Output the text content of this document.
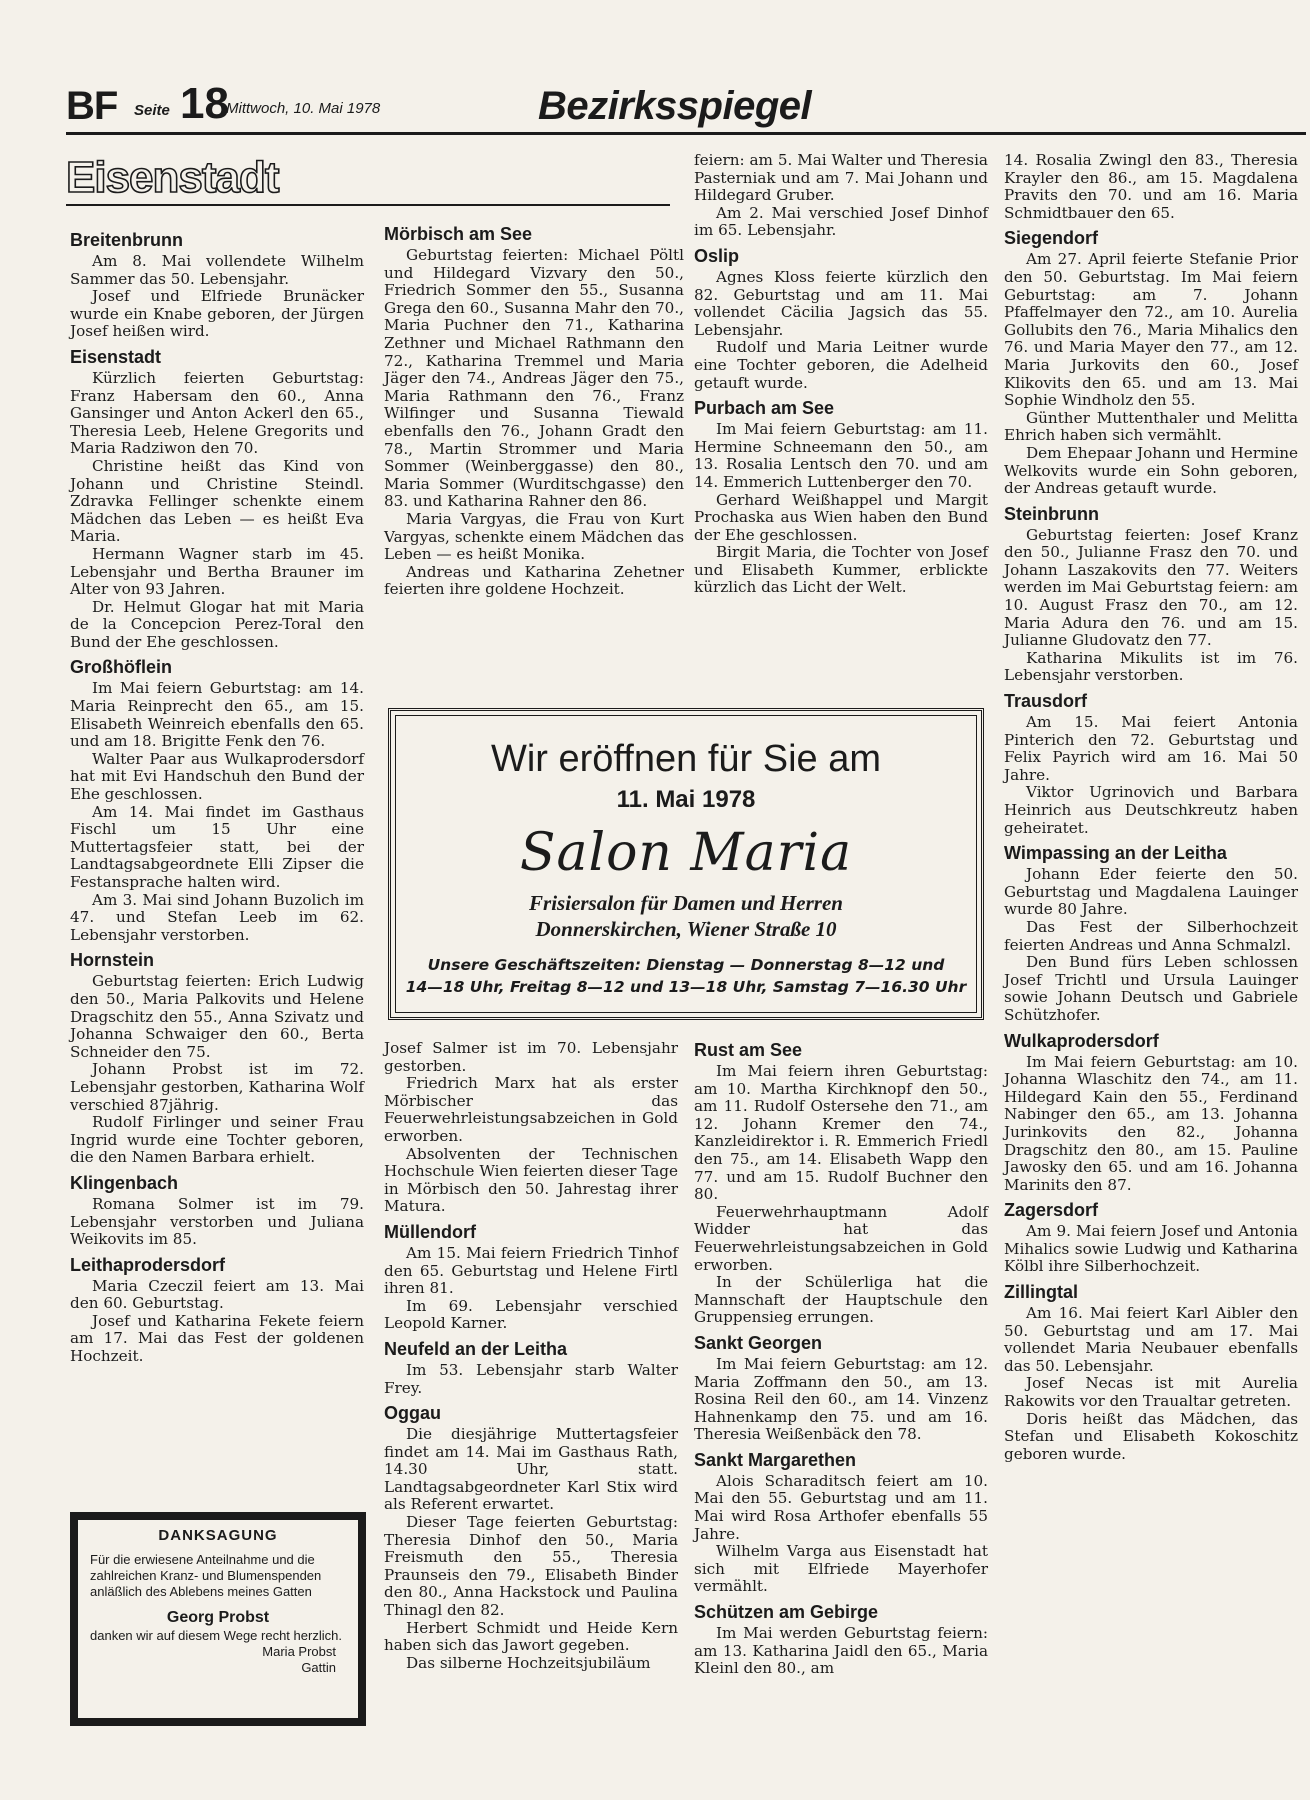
BF Seite 18
Mittwoch, 10. Mai 1978	Bezirksspiegel
Eisenstadt
Breitenbrunn

Am 8. Mai vollendete Wilhelm Sammer das 50. Lebensjahr.

Josef und Elfriede Brunäcker wurde ein Knabe geboren, der Jürgen Josef heißen wird.

Eisenstadt

Kürzlich feierten Geburtstag: Franz Habersam den 60., Anna Gansinger und Anton Ackerl den 65., Theresia Leeb, Helene Gregorits und Maria Radziwon den 70.

Christine heißt das Kind von Johann und Christine Steindl. Zdravka Fellinger schenkte einem Mädchen das Leben — es heißt Eva Maria.

Hermann Wagner starb im 45. Lebensjahr und Bertha Brauner im Alter von 93 Jahren.

Dr. Helmut Glogar hat mit Maria de la Concepcion Perez-Toral den Bund der Ehe geschlossen.

Großhöflein

Im Mai feiern Geburtstag: am 14. Maria Reinprecht den 65., am 15. Elisabeth Weinreich ebenfalls den 65. und am 18. Brigitte Fenk den 76.

Walter Paar aus Wulkaprodersdorf hat mit Evi Handschuh den Bund der Ehe geschlossen.

Am 14. Mai findet im Gasthaus Fischl um 15 Uhr eine Muttertagsfeier statt, bei der Landtagsabgeordnete Elli Zipser die Festansprache halten wird.

Am 3. Mai sind Johann Buzolich im 47. und Stefan Leeb im 62. Lebensjahr verstorben.

Hornstein

Geburtstag feierten: Erich Ludwig den 50., Maria Palkovits und Helene Dragschitz den 55., Anna Szivatz und Johanna Schwaiger den 60., Berta Schneider den 75.

Johann Probst ist im 72. Lebensjahr gestorben, Katharina Wolf verschied 87jährig.

Rudolf Firlinger und seiner Frau Ingrid wurde eine Tochter geboren, die den Namen Barbara erhielt.

Klingenbach

Romana Solmer ist im 79. Lebensjahr verstorben und Juliana Weikovits im 85.

Leithaprodersdorf

Maria Czeczil feiert am 13. Mai den 60. Geburtstag.

Josef und Katharina Fekete feiern am 17. Mai das Fest der goldenen Hochzeit.

Mörbisch am See

Geburtstag feierten: Michael Pöltl und Hildegard Vizvary den 50., Friedrich Sommer den 55., Susanna Grega den 60., Susanna Mahr den 70., Maria Puchner den 71., Katharina Zethner und Michael Rathmann den 72., Katharina Tremmel und Maria Jäger den 74., Andreas Jäger den 75., Maria Rathmann den 76., Franz Wilfinger und Susanna Tiewald ebenfalls den 76., Johann Gradt den 78., Martin Strommer und Maria Sommer (Weinberggasse) den 80., Maria Sommer (Wurditschgasse) den 83. und Katharina Rahner den 86.

Maria Vargyas, die Frau von Kurt Vargyas, schenkte einem Mädchen das Leben — es heißt Monika.

Andreas und Katharina Zehetner feierten ihre goldene Hochzeit.

feiern: am 5. Mai Walter und Theresia Pasterniak und am 7. Mai Johann und Hildegard Gruber.

Am 2. Mai verschied Josef Dinhof im 65. Lebensjahr.

Oslip

Agnes Kloss feierte kürzlich den 82. Geburtstag und am 11. Mai vollendet Cäcilia Jagsich das 55. Lebensjahr.

Rudolf und Maria Leitner wurde eine Tochter geboren, die Adelheid getauft wurde.

Purbach am See

Im Mai feiern Geburtstag: am 11. Hermine Schneemann den 50., am 13. Rosalia Lentsch den 70. und am 14. Emmerich Luttenberger den 70.

Gerhard Weißhappel und Margit Prochaska aus Wien haben den Bund der Ehe geschlossen.

Birgit Maria, die Tochter von Josef und Elisabeth Kummer, erblickte kürzlich das Licht der Welt.

14. Rosalia Zwingl den 83., Theresia Krayler den 86., am 15. Magdalena Pravits den 70. und am 16. Maria Schmidtbauer den 65.

Siegendorf

Am 27. April feierte Stefanie Prior den 50. Geburtstag. Im Mai feiern Geburtstag: am 7. Johann Pfaffelmayer den 72., am 10. Aurelia Gollubits den 76., Maria Mihalics den 76. und Maria Mayer den 77., am 12. Maria Jurkovits den 60., Josef Klikovits den 65. und am 13. Mai Sophie Windholz den 55.

Günther Muttenthaler und Melitta Ehrich haben sich vermählt.

Dem Ehepaar Johann und Hermine Welkovits wurde ein Sohn geboren, der Andreas getauft wurde.

Steinbrunn

Geburtstag feierten: Josef Kranz den 50., Julianne Frasz den 70. und Johann Laszakovits den 77. Weiters werden im Mai Geburtstag feiern: am 10. August Frasz den 70., am 12. Maria Adura den 76. und am 15. Julianne Gludovatz den 77.

Katharina Mikulits ist im 76. Lebensjahr verstorben.

Trausdorf

Am 15. Mai feiert Antonia Pinterich den 72. Geburtstag und Felix Payrich wird am 16. Mai 50 Jahre.

Viktor Ugrinovich und Barbara Heinrich aus Deutschkreutz haben geheiratet.

Wimpassing an der Leitha

Johann Eder feierte den 50. Geburtstag und Magdalena Lauinger wurde 80 Jahre.

Das Fest der Silberhochzeit feierten Andreas und Anna Schmalzl.

Den Bund fürs Leben schlossen Josef Trichtl und Ursula Lauinger sowie Johann Deutsch und Gabriele Schützhofer.

Wulkaprodersdorf

Im Mai feiern Geburtstag: am 10. Johanna Wlaschitz den 74., am 11. Hildegard Kain den 55., Ferdinand Nabinger den 65., am 13. Johanna Jurinkovits den 82., Johanna Dragschitz den 80., am 15. Pauline Jawosky den 65. und am 16. Johanna Marinits den 87.

Zagersdorf

Am 9. Mai feiern Josef und Antonia Mihalics sowie Ludwig und Katharina Kölbl ihre Silberhochzeit.

Zillingtal

Am 16. Mai feiert Karl Aibler den 50. Geburtstag und am 17. Mai vollendet Maria Neubauer ebenfalls das 50. Lebensjahr.

Josef Necas ist mit Aurelia Rakowits vor den Traualtar getreten.

Doris heißt das Mädchen, das Stefan und Elisabeth Kokoschitz geboren wurde.

Josef Salmer ist im 70. Lebensjahr gestorben.

Friedrich Marx hat als erster Mörbischer das Feuerwehrleistungsabzeichen in Gold erworben.

Absolventen der Technischen Hochschule Wien feierten dieser Tage in Mörbisch den 50. Jahrestag ihrer Matura.

Müllendorf

Am 15. Mai feiern Friedrich Tinhof den 65. Geburtstag und Helene Firtl ihren 81.

Im 69. Lebensjahr verschied Leopold Karner.

Neufeld an der Leitha

Im 53. Lebensjahr starb Walter Frey.

Oggau

Die diesjährige Muttertagsfeier findet am 14. Mai im Gasthaus Rath, 14.30 Uhr, statt. Landtagsabgeordneter Karl Stix wird als Referent erwartet.

Dieser Tage feierten Geburtstag: Theresia Dinhof den 50., Maria Freismuth den 55., Theresia Praunseis den 79., Elisabeth Binder den 80., Anna Hackstock und Paulina Thinagl den 82.

Herbert Schmidt und Heide Kern haben sich das Jawort gegeben.

Das silberne Hochzeitsjubiläum

Rust am See

Im Mai feiern ihren Geburtstag: am 10. Martha Kirchknopf den 50., am 11. Rudolf Ostersehe den 71., am 12. Johann Kremer den 74., Kanzleidirektor i. R. Emmerich Friedl den 75., am 14. Elisabeth Wapp den 77. und am 15. Rudolf Buchner den 80.

Feuerwehrhauptmann Adolf Widder hat das Feuerwehrleistungsabzeichen in Gold erworben.

In der Schülerliga hat die Mannschaft der Hauptschule den Gruppensieg errungen.

Sankt Georgen

Im Mai feiern Geburtstag: am 12. Maria Zoffmann den 50., am 13. Rosina Reil den 60., am 14. Vinzenz Hahnenkamp den 75. und am 16. Theresia Weißenbäck den 78.

Sankt Margarethen

Alois Scharaditsch feiert am 10. Mai den 55. Geburtstag und am 11. Mai wird Rosa Arthofer ebenfalls 55 Jahre.

Wilhelm Varga aus Eisenstadt hat sich mit Elfriede Mayerhofer vermählt.

Schützen am Gebirge

Im Mai werden Geburtstag feiern: am 13. Katharina Jaidl den 65., Maria Kleinl den 80., am

Wir eröffnen für Sie am
11. Mai 1978
Salon Maria
Frisiersalon für Damen und Herren
Donnerskirchen, Wiener Straße 10
Unsere Geschäftszeiten: Dienstag — Donnerstag 8—12 und
14—18 Uhr, Freitag 8—12 und 13—18 Uhr, Samstag 7—16.30 Uhr
DANKSAGUNG
Für die erwiesene Anteilnahme und die zahlreichen Kranz- und Blumenspenden anläßlich des Ablebens meines Gatten
Georg Probst
danken wir auf diesem Wege recht herzlich.
Maria Probst
Gattin
